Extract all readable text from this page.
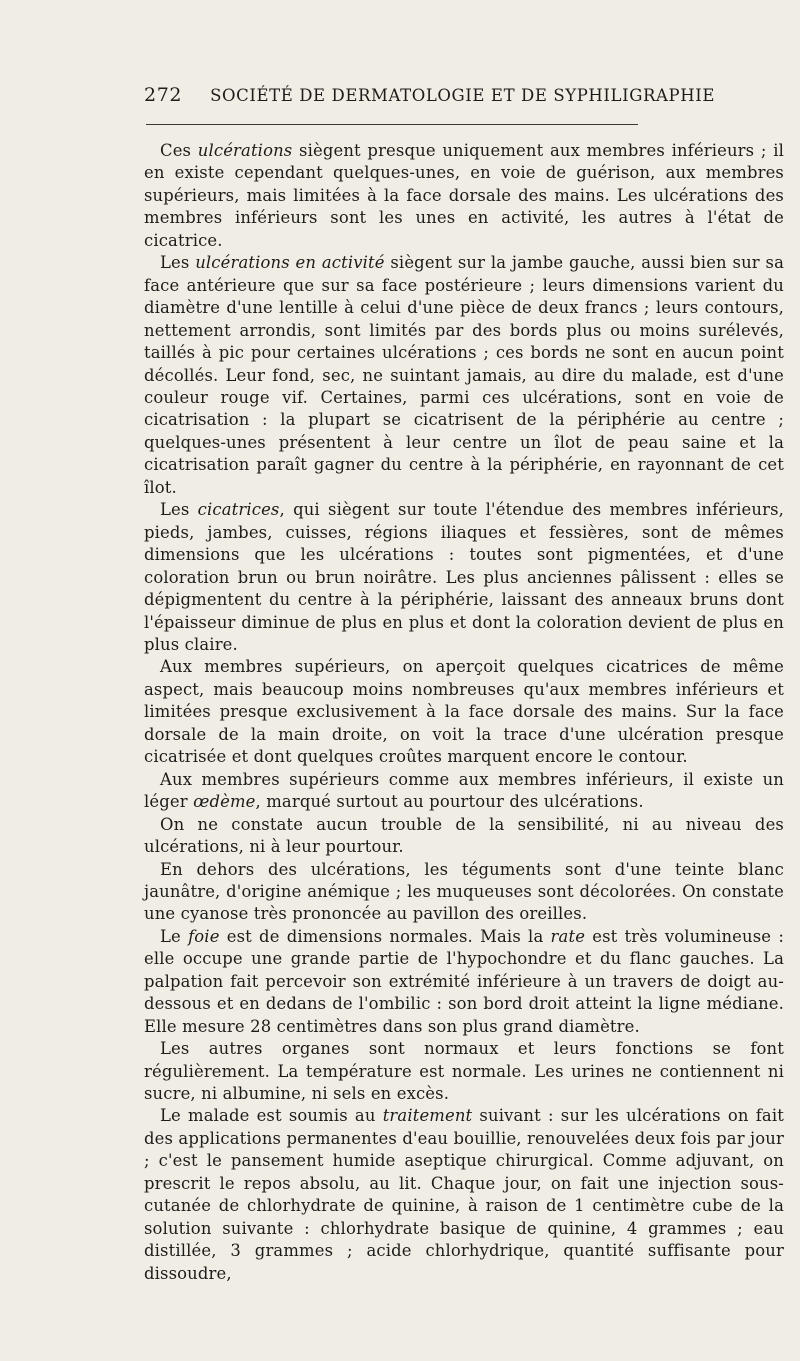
272 SOCIÉTÉ DE DERMATOLOGIE ET DE SYPHILIGRAPHIE

Ces ulcérations siègent presque uniquement aux membres inférieurs ; il en existe cependant quelques-unes, en voie de guérison, aux membres supérieurs, mais limitées à la face dorsale des mains. Les ulcérations des membres inférieurs sont les unes en activité, les autres à l'état de cicatrice.

Les ulcérations en activité siègent sur la jambe gauche, aussi bien sur sa face antérieure que sur sa face postérieure ; leurs dimensions varient du diamètre d'une lentille à celui d'une pièce de deux francs ; leurs contours, nettement arrondis, sont limités par des bords plus ou moins surélevés, taillés à pic pour certaines ulcérations ; ces bords ne sont en aucun point décollés. Leur fond, sec, ne suintant jamais, au dire du malade, est d'une couleur rouge vif. Certaines, parmi ces ulcérations, sont en voie de cicatrisation : la plupart se cicatrisent de la périphérie au centre ; quelques-unes présentent à leur centre un îlot de peau saine et la cicatrisation paraît gagner du centre à la périphérie, en rayonnant de cet îlot.

Les cicatrices, qui siègent sur toute l'étendue des membres inférieurs, pieds, jambes, cuisses, régions iliaques et fessières, sont de mêmes dimensions que les ulcérations : toutes sont pigmentées, et d'une coloration brun ou brun noirâtre. Les plus anciennes pâlissent : elles se dépigmentent du centre à la périphérie, laissant des anneaux bruns dont l'épaisseur diminue de plus en plus et dont la coloration devient de plus en plus claire.

Aux membres supérieurs, on aperçoit quelques cicatrices de même aspect, mais beaucoup moins nombreuses qu'aux membres inférieurs et limitées presque exclusivement à la face dorsale des mains. Sur la face dorsale de la main droite, on voit la trace d'une ulcération presque cicatrisée et dont quelques croûtes marquent encore le contour.

Aux membres supérieurs comme aux membres inférieurs, il existe un léger œdème, marqué surtout au pourtour des ulcérations.

On ne constate aucun trouble de la sensibilité, ni au niveau des ulcérations, ni à leur pourtour.

En dehors des ulcérations, les téguments sont d'une teinte blanc jaunâtre, d'origine anémique ; les muqueuses sont décolorées. On constate une cyanose très prononcée au pavillon des oreilles.

Le foie est de dimensions normales. Mais la rate est très volumineuse : elle occupe une grande partie de l'hypochondre et du flanc gauches. La palpation fait percevoir son extrémité inférieure à un travers de doigt au-dessous et en dedans de l'ombilic : son bord droit atteint la ligne médiane. Elle mesure 28 centimètres dans son plus grand diamètre.

Les autres organes sont normaux et leurs fonctions se font régulièrement. La température est normale. Les urines ne contiennent ni sucre, ni albumine, ni sels en excès.

Le malade est soumis au traitement suivant : sur les ulcérations on fait des applications permanentes d'eau bouillie, renouvelées deux fois par jour ; c'est le pansement humide aseptique chirurgical. Comme adjuvant, on prescrit le repos absolu, au lit. Chaque jour, on fait une injection sous-cutanée de chlorhydrate de quinine, à raison de 1 centimètre cube de la solution suivante : chlorhydrate basique de quinine, 4 grammes ; eau distillée, 3 grammes ; acide chlorhydrique, quantité suffisante pour dissoudre,
